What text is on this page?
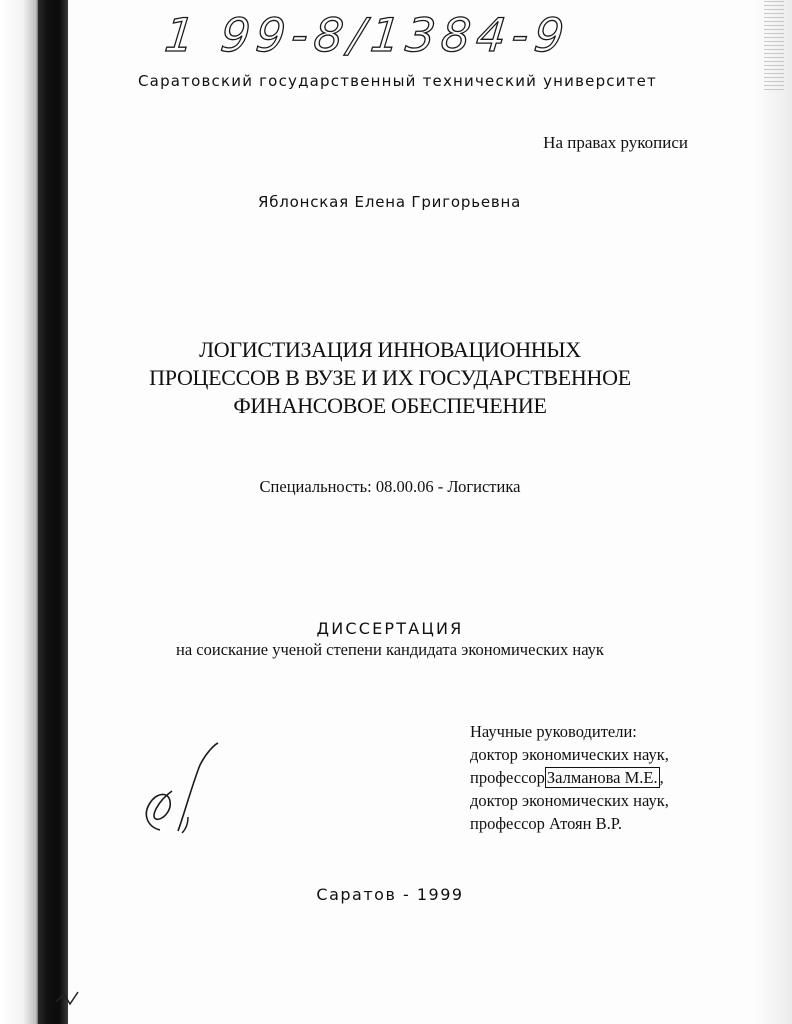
1 99-8/1384-9
Саратовский государственный технический университет
На правах рукописи
Яблонская Елена Григорьевна
ЛОГИСТИЗАЦИЯ ИННОВАЦИОННЫХ
ПРОЦЕССОВ В ВУЗЕ И ИХ ГОСУДАРСТВЕННОЕ
ФИНАНСОВОЕ ОБЕСПЕЧЕНИЕ
Специальность: 08.00.06 - Логистика
ДИССЕРТАЦИЯ
на соискание ученой степени кандидата экономических наук
Научные руководители:
доктор экономических наук,
профессор Залманова М.Е. ,
доктор экономических наук,
профессор Атоян В.Р.
Саратов - 1999
